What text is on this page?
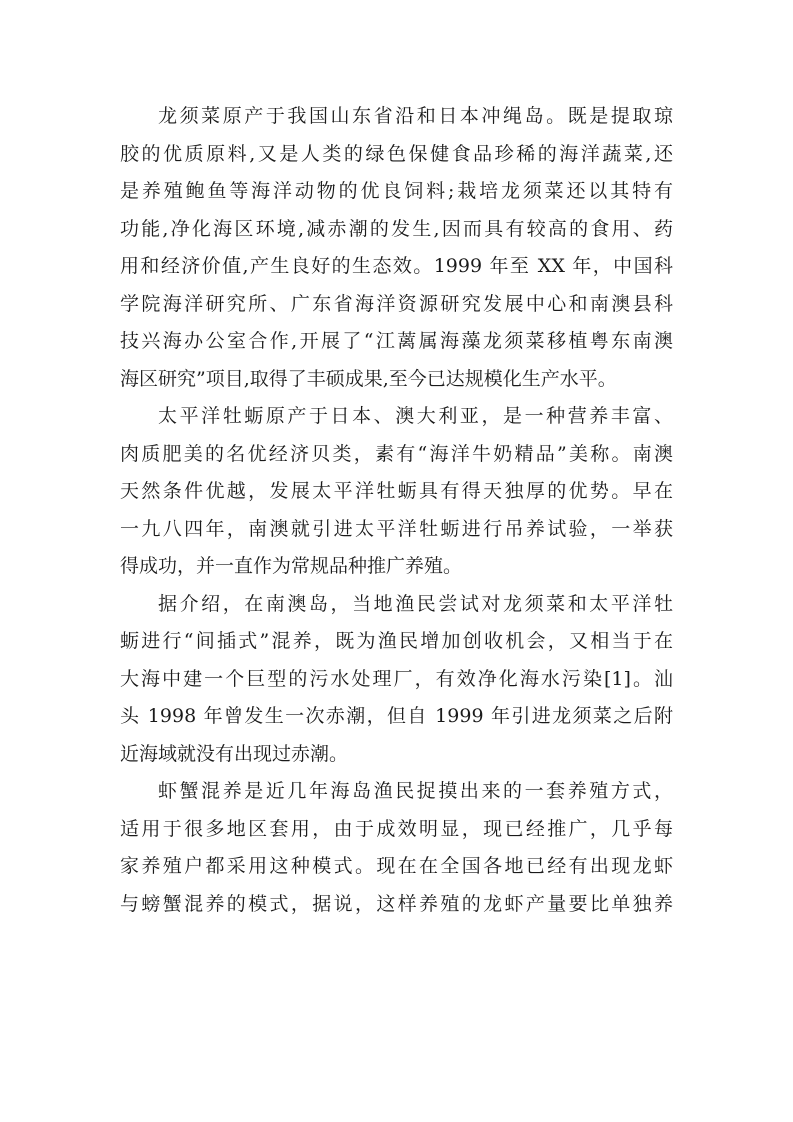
龙须菜原产于我国山东省沿和日本冲绳岛。既是提取琼
胶的优质原料,又是人类的绿色保健食品珍稀的海洋蔬菜,还
是养殖鲍鱼等海洋动物的优良饲料;栽培龙须菜还以其特有
功能,净化海区环境,减赤潮的发生,因而具有较高的食用、药
用和经济价值,产生良好的生态效。1999 年至 XX 年，中国科
学院海洋研究所、广东省海洋资源研究发展中心和南澳县科
技兴海办公室合作,开展了“江蓠属海藻龙须菜移植粤东南澳
海区研究”项目,取得了丰硕成果,至今已达规模化生产水平。
太平洋牡蛎原产于日本、澳大利亚，是一种营养丰富、
肉质肥美的名优经济贝类，素有“海洋牛奶精品”美称。南澳
天然条件优越，发展太平洋牡蛎具有得天独厚的优势。早在
一九八四年，南澳就引进太平洋牡蛎进行吊养试验，一举获
得成功，并一直作为常规品种推广养殖。
据介绍，在南澳岛，当地渔民尝试对龙须菜和太平洋牡
蛎进行“间插式”混养，既为渔民增加创收机会，又相当于在
大海中建一个巨型的污水处理厂，有效净化海水污染[1]。汕
头 1998 年曾发生一次赤潮，但自 1999 年引进龙须菜之后附
近海域就没有出现过赤潮。
虾蟹混养是近几年海岛渔民捉摸出来的一套养殖方式，
适用于很多地区套用，由于成效明显，现已经推广，几乎每
家养殖户都采用这种模式。现在在全国各地已经有出现龙虾
与螃蟹混养的模式，据说，这样养殖的龙虾产量要比单独养
